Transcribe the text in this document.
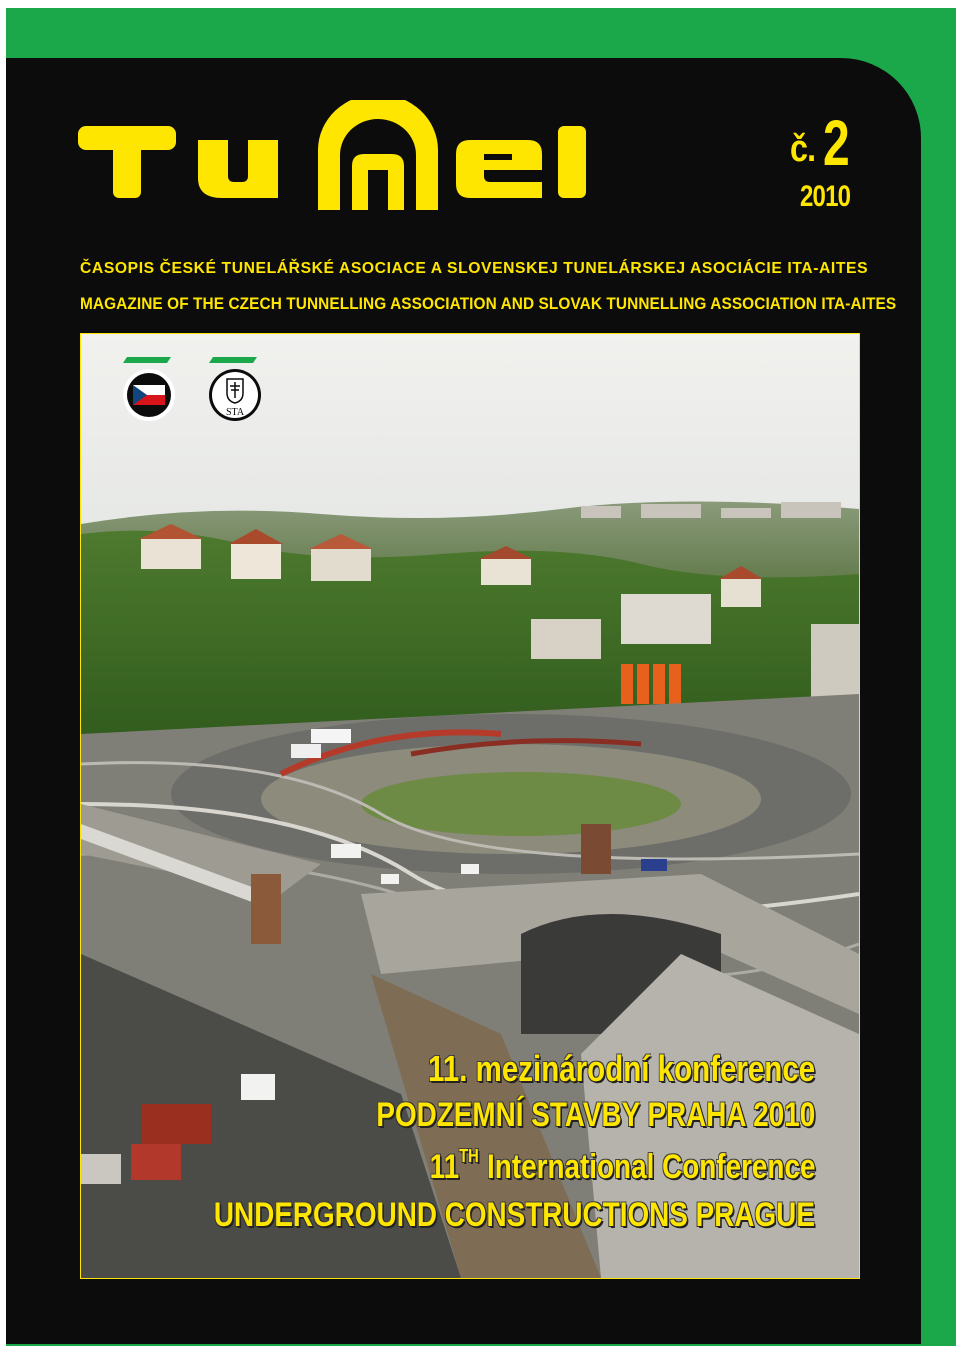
č. 2
2010
ČASOPIS ČESKÉ TUNELÁŘSKÉ ASOCIACE A SLOVENSKEJ TUNELÁRSKEJ ASOCIÁCIE ITA-AITES
MAGAZINE OF THE CZECH TUNNELLING ASSOCIATION AND SLOVAK TUNNELLING ASSOCIATION ITA-AITES
STA
11. mezinárodní konference
PODZEMNÍ STAVBY PRAHA 2010
11TH International Conference
UNDERGROUND CONSTRUCTIONS PRAGUE
